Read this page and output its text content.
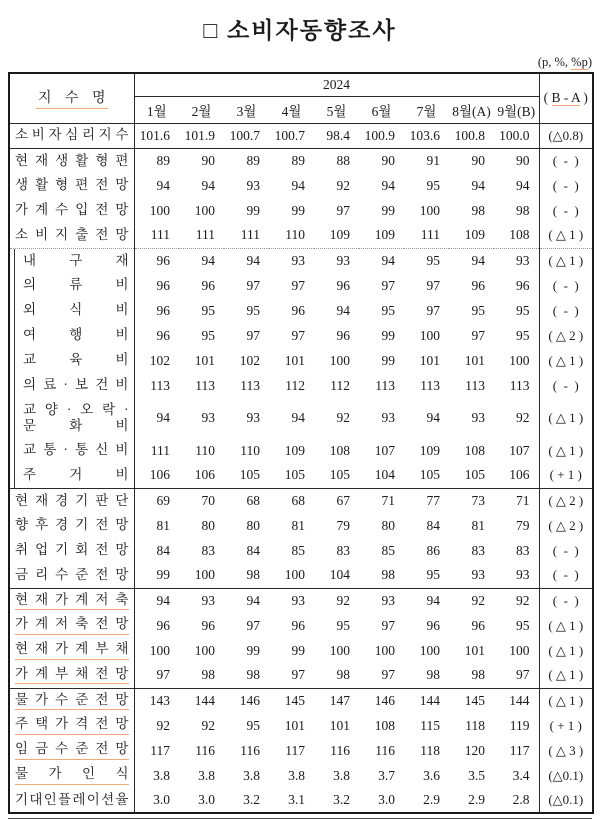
□ 소비자동향조사
(p, %, %p)
지 수 명	2024									( B - A )
	1월	2월	3월	4월	5월	6월	7월	8월(A)	9월(B)	

소 비 자 심 리 지 수	101.6	101.9	100.7	100.7	98.4	100.9	103.6	100.8	100.0	(△0.8)

현 재 생 활 형 편	89	90	89	89	88	90	91	90	90	(  -  )

생 활 형 편 전 망	94	94	93	94	92	94	95	94	94	(  -  )

가 계 수 입 전 망	100	100	99	99	97	99	100	98	98	(  -  )

소 비 지 출 전 망	111	111	111	110	109	109	111	109	108	( △ 1 )

내 구 재	96	94	94	93	93	94	95	94	93	( △ 1 )

의 류 비	96	96	97	97	96	97	97	96	96	(  -  )

외 식 비	96	95	95	96	94	95	97	95	95	(  -  )

여 행 비	96	95	97	97	96	99	100	97	95	( △ 2 )

교 육 비	102	101	102	101	100	99	101	101	100	( △ 1 )

의 료 · 보 건 비	113	113	113	112	112	113	113	113	113	(  -  )

교 양 · 오 락 ·
문 화 비
	94	93	93	94	92	93	94	93	92	( △ 1 )

교 통 · 통 신 비	111	110	110	109	108	107	109	108	107	( △ 1 )

주 거 비	106	106	105	105	105	104	105	105	106	( + 1 )

현 재 경 기 판 단	69	70	68	68	67	71	77	73	71	( △ 2 )

향 후 경 기 전 망	81	80	80	81	79	80	84	81	79	( △ 2 )

취 업 기 회 전 망	84	83	84	85	83	85	86	83	83	(  -  )

금 리 수 준 전 망	99	100	98	100	104	98	95	93	93	(  -  )

현 재 가 계 저 축	94	93	94	93	92	93	94	92	92	(  -  )

가 계 저 축 전 망	96	96	97	96	95	97	96	96	95	( △ 1 )

현 재 가 계 부 채	100	100	99	99	100	100	100	101	100	( △ 1 )

가 계 부 채 전 망	97	98	98	97	98	97	98	98	97	( △ 1 )

물 가 수 준 전 망	143	144	146	145	147	146	144	145	144	( △ 1 )

주 택 가 격 전 망	92	92	95	101	101	108	115	118	119	( + 1 )

임 금 수 준 전 망	117	116	116	117	116	116	118	120	117	( △ 3 )

물 가 인 식	3.8	3.8	3.8	3.8	3.8	3.7	3.6	3.5	3.4	(△0.1)

기 대 인 플 레 이 션 율	3.0	3.0	3.2	3.1	3.2	3.0	2.9	2.9	2.8	(△0.1)
